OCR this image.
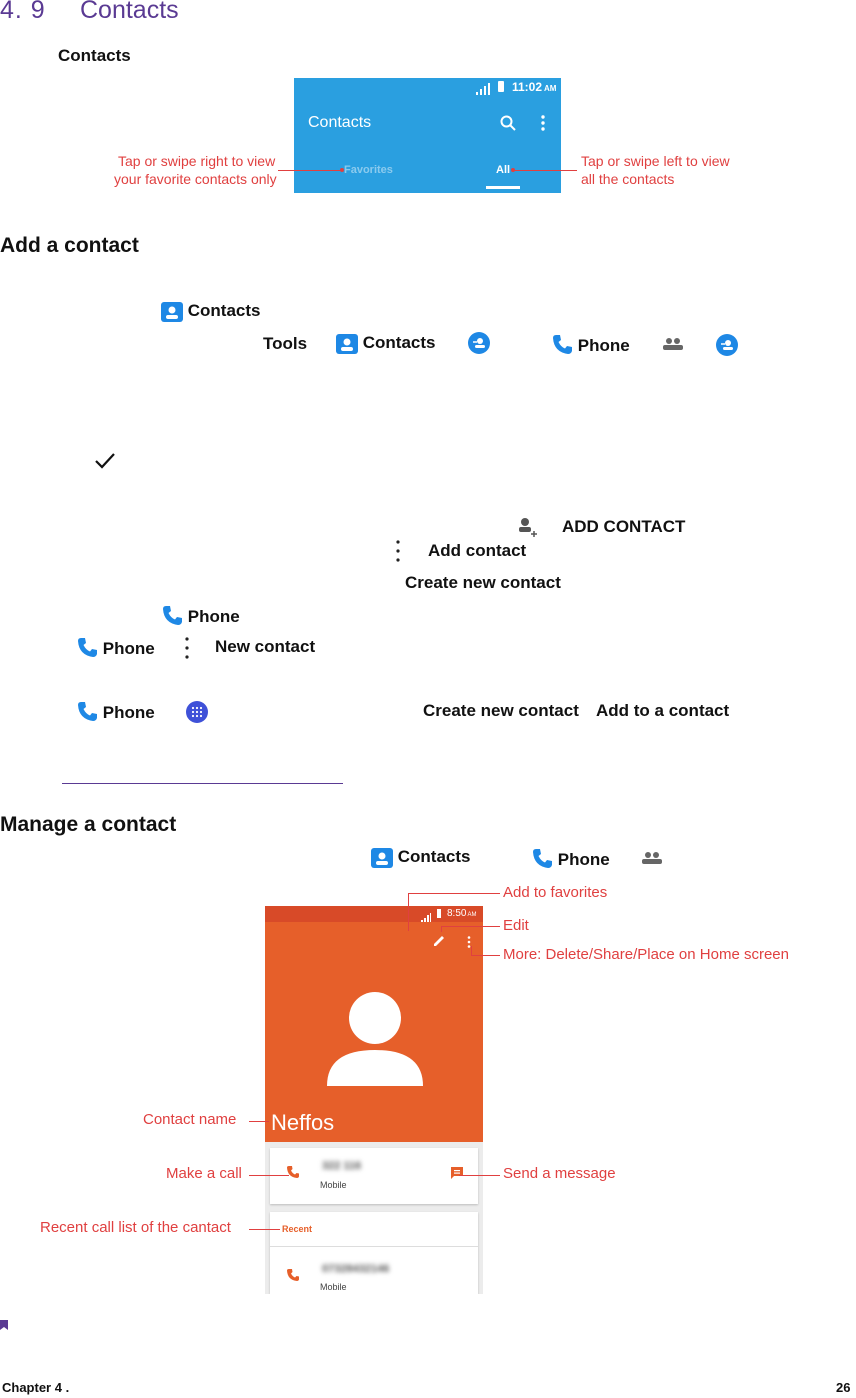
4. 9 Contacts
Contacts
11:02 AM
Contacts
Favorites	All
Tap or swipe right to view
your favorite contacts only
Tap or swipe left to view
all the contacts
Add a contact
Contacts
Tools	Contacts	Phone
ADD CONTACT
Add contact
Create new contact
Phone
Phone	New contact
Phone	Create new contact Add to a contact
Manage a contact
Contacts	Phone
8:50AM
Neffos
322 116
Mobile
Recent
07328432146
Mobile
Add to favorites
Edit
More: Delete/Share/Place on Home screen
Contact name
Make a call	Send a message
Recent call list of the cantact
Chapter 4 .	26
